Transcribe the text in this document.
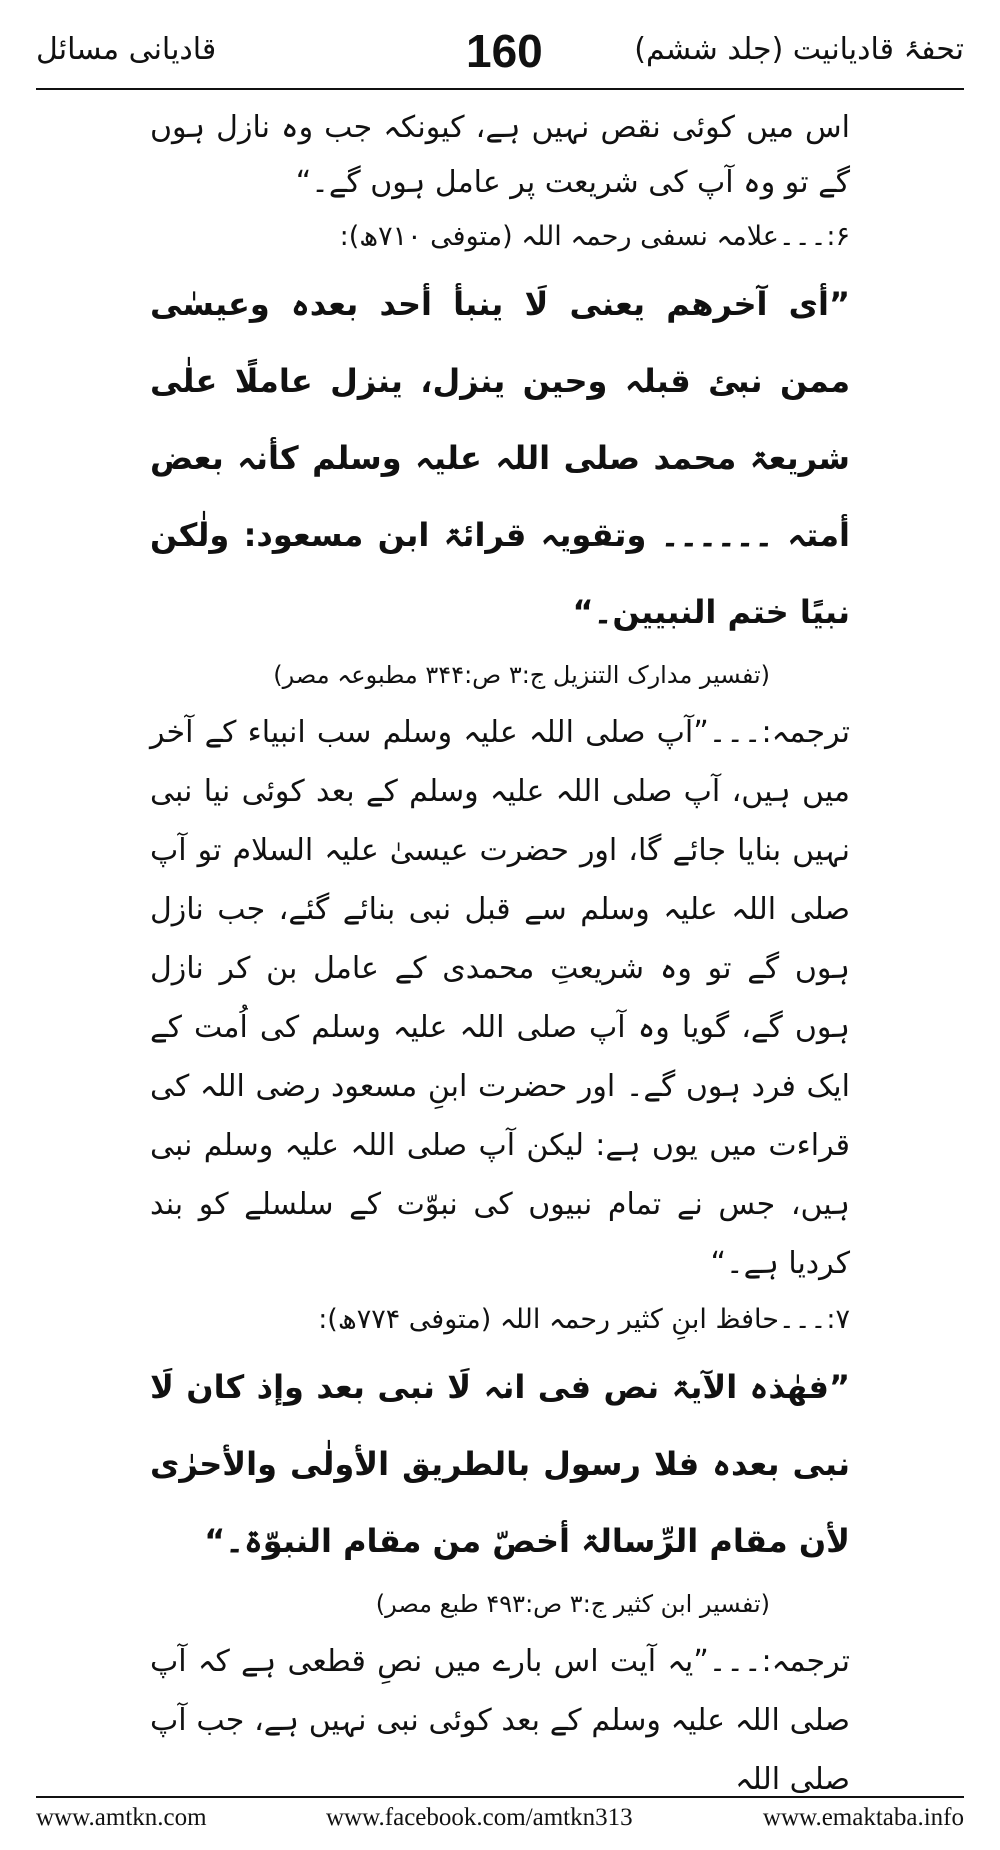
تحفۂ قادیانیت (جلد ششم)
160
قادیانی مسائل

اس میں کوئی نقص نہیں ہے، کیونکہ جب وہ نازل ہوں گے تو وہ آپ کی شریعت پر عامل ہوں گے۔“

۶:۔۔۔علامہ نسفی رحمہ اللہ (متوفی ۷۱۰ھ):

”أی آخرھم یعنی لَا ینبأ أحد بعدہ وعیسٰی ممن نبئ قبلہ وحین ینزل، ینزل عاملًا علٰی شریعۃ محمد صلی اللہ علیہ وسلم کأنہ بعض أمتہ ۔۔۔۔۔۔ وتقویہ قرائۃ ابن مسعود: ولٰکن نبیًا ختم النبیین۔“

(تفسیر مدارک التنزیل ج:۳ ص:۳۴۴ مطبوعہ مصر)

ترجمہ:۔۔۔”آپ صلی اللہ علیہ وسلم سب انبیاء کے آخر میں ہیں، آپ صلی اللہ علیہ وسلم کے بعد کوئی نیا نبی نہیں بنایا جائے گا، اور حضرت عیسیٰ علیہ السلام تو آپ صلی اللہ علیہ وسلم سے قبل نبی بنائے گئے، جب نازل ہوں گے تو وہ شریعتِ محمدی کے عامل بن کر نازل ہوں گے، گویا وہ آپ صلی اللہ علیہ وسلم کی اُمت کے ایک فرد ہوں گے۔ اور حضرت ابنِ مسعود رضی اللہ کی قراءت میں یوں ہے: لیکن آپ صلی اللہ علیہ وسلم نبی ہیں، جس نے تمام نبیوں کی نبوّت کے سلسلے کو بند کردیا ہے۔“

۷:۔۔۔حافظ ابنِ کثیر رحمہ اللہ (متوفی ۷۷۴ھ):

”فھٰذہ الآیۃ نص فی انہ لَا نبی بعد وإذ کان لَا نبی بعدہ فلا رسول بالطریق الأولٰی والأحرٰی لأن مقام الرِّسالۃ أخصّ من مقام النبوّۃ۔“

(تفسیر ابن کثیر ج:۳ ص:۴۹۳ طبع مصر)

ترجمہ:۔۔۔”یہ آیت اس بارے میں نصِ قطعی ہے کہ آپ صلی اللہ علیہ وسلم کے بعد کوئی نبی نہیں ہے، جب آپ صلی اللہ

www.amtkn.com	www.facebook.com/amtkn313	www.emaktaba.info
